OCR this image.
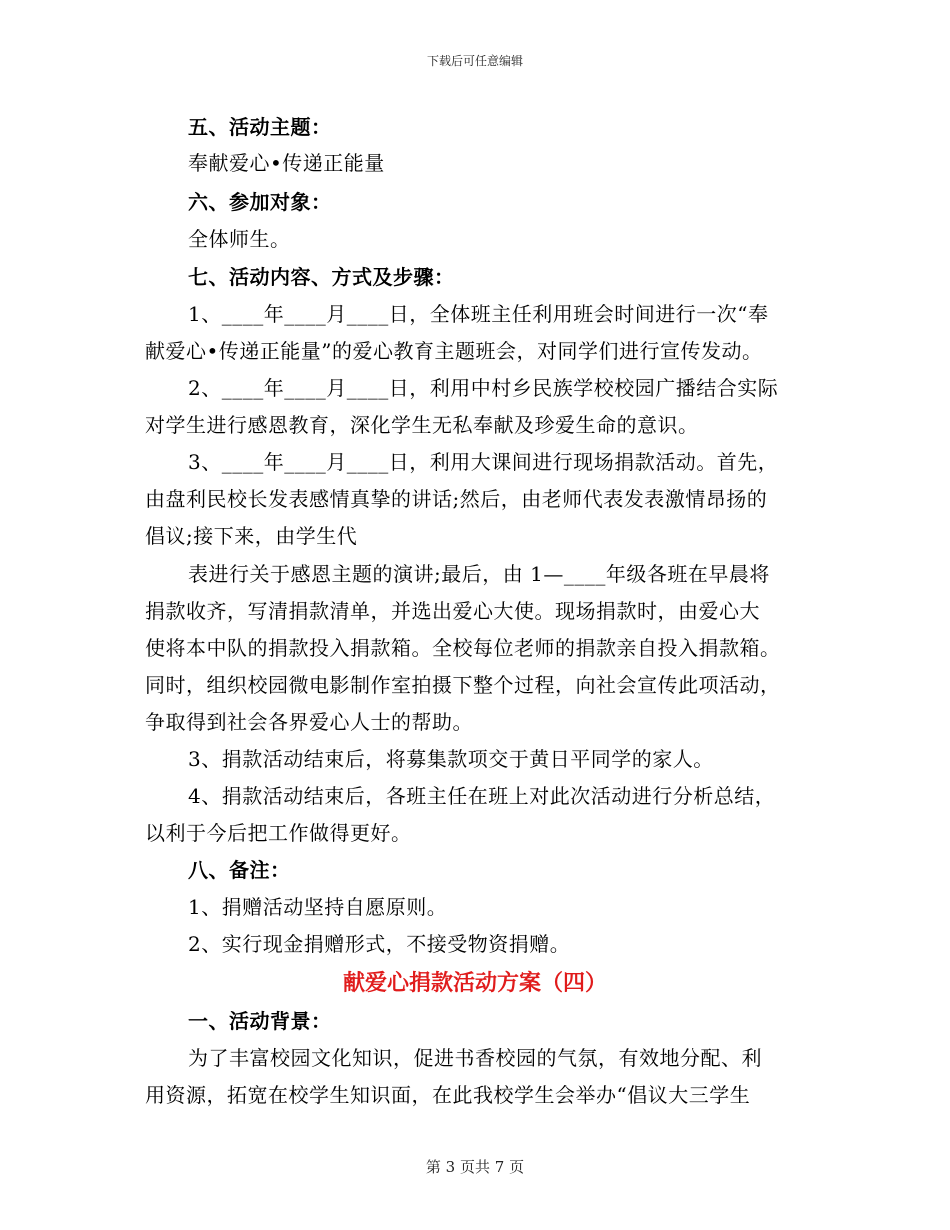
下载后可任意编辑
五、活动主题：
奉献爱心•传递正能量
六、参加对象：
全体师生。
七、活动内容、方式及步骤：
1、____年____月____日，全体班主任利用班会时间进行一次“奉
献爱心•传递正能量”的爱心教育主题班会，对同学们进行宣传发动。
2、____年____月____日，利用中村乡民族学校校园广播结合实际
对学生进行感恩教育，深化学生无私奉献及珍爱生命的意识。
3、____年____月____日，利用大课间进行现场捐款活动。首先，
由盘利民校长发表感情真挚的讲话;然后，由老师代表发表激情昂扬的
倡议;接下来，由学生代
表进行关于感恩主题的演讲;最后，由 1—____年级各班在早晨将
捐款收齐，写清捐款清单，并选出爱心大使。现场捐款时，由爱心大
使将本中队的捐款投入捐款箱。全校每位老师的捐款亲自投入捐款箱。
同时，组织校园微电影制作室拍摄下整个过程，向社会宣传此项活动，
争取得到社会各界爱心人士的帮助。
3、捐款活动结束后，将募集款项交于黄日平同学的家人。
4、捐款活动结束后，各班主任在班上对此次活动进行分析总结，
以利于今后把工作做得更好。
八、备注：
1、捐赠活动坚持自愿原则。
2、实行现金捐赠形式，不接受物资捐赠。
献爱心捐款活动方案（四）
一、活动背景：
为了丰富校园文化知识，促进书香校园的气氛，有效地分配、利
用资源，拓宽在校学生知识面，在此我校学生会举办“倡议大三学生
第 3 页共 7 页
